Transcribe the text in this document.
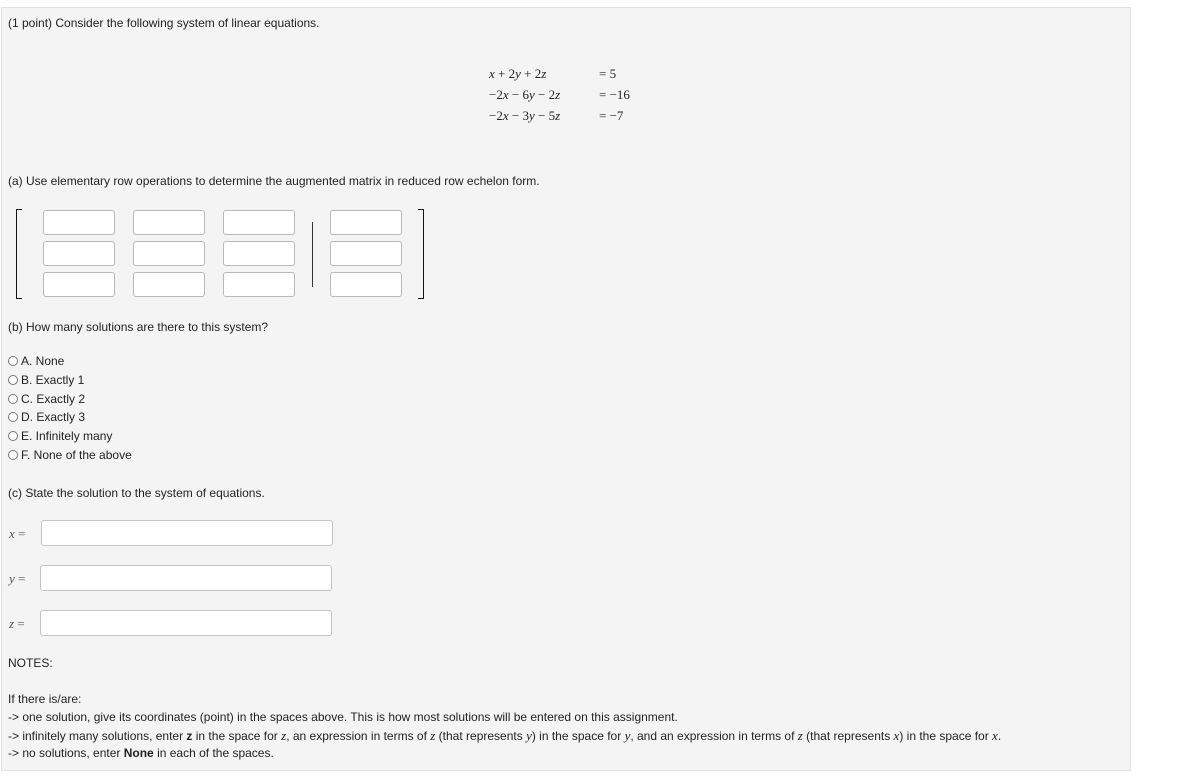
(1 point) Consider the following system of linear equations.
x + 2y + 2z	= 5
−2x − 6y − 2z	= −16
−2x − 3y − 5z	= −7
(a) Use elementary row operations to determine the augmented matrix in reduced row echelon form.
(b) How many solutions are there to this system?
A. None
B. Exactly 1
C. Exactly 2
D. Exactly 3
E. Infinitely many
F. None of the above
(c) State the solution to the system of equations.
x =
y =
z =
NOTES:
If there is/are:
-> one solution, give its coordinates (point) in the spaces above. This is how most solutions will be entered on this assignment.
-> infinitely many solutions, enter z in the space for z, an expression in terms of z (that represents y) in the space for y, and an expression in terms of z (that represents x) in the space for x.
-> no solutions, enter None in each of the spaces.
